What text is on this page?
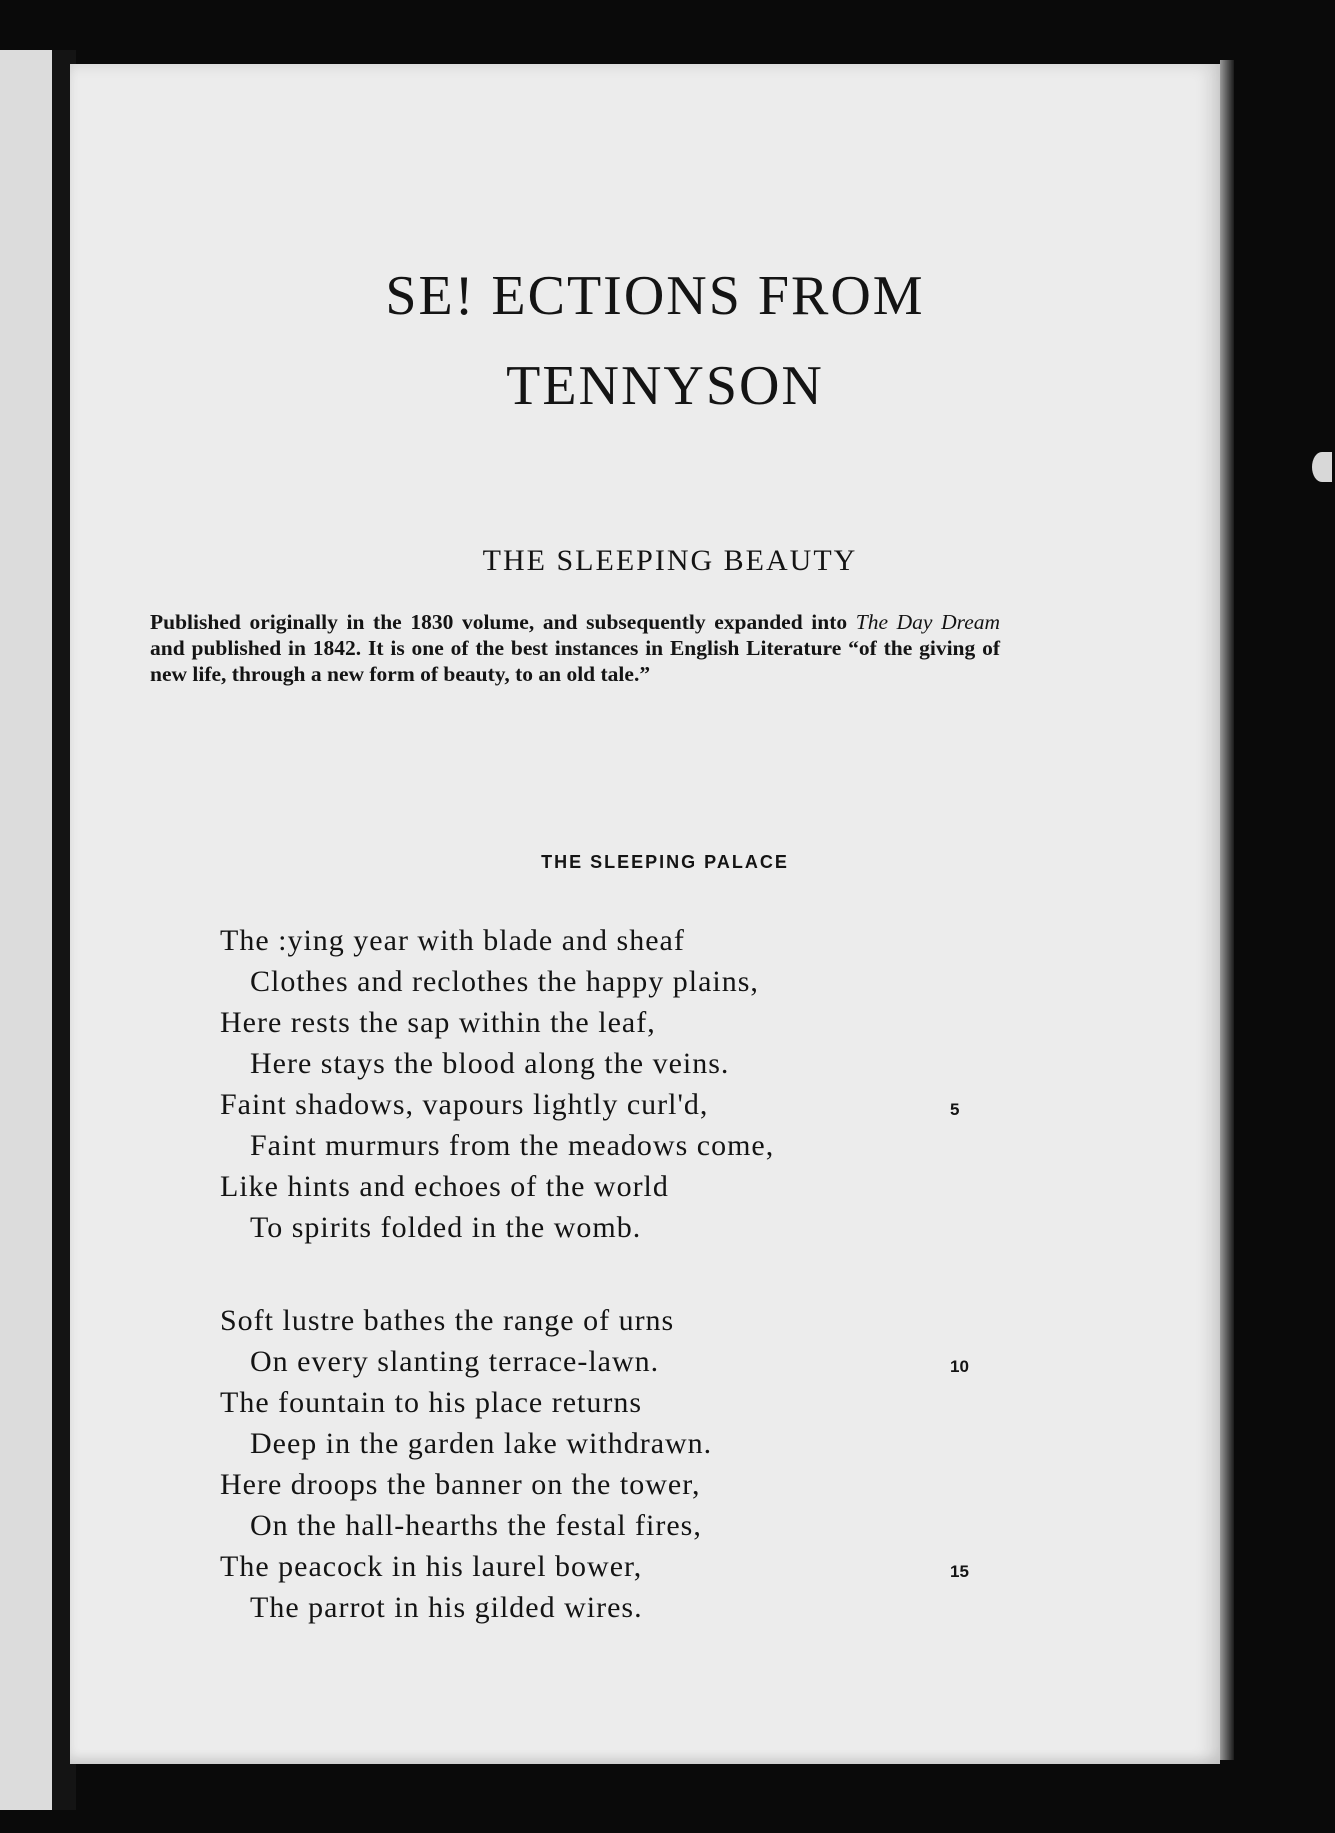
SE! ECTIONS FROM
TENNYSON
THE SLEEPING BEAUTY
Published originally in the 1830 volume, and subsequently expanded into The Day Dream and published in 1842. It is one of the best instances in English Literature “of the giving of new life, through a new form of beauty, to an old tale.”
THE SLEEPING PALACE
The :ying year with blade and sheaf
Clothes and reclothes the happy plains,
Here rests the sap within the leaf,
Here stays the blood along the veins.
Faint shadows, vapours lightly curl'd,	5
Faint murmurs from the meadows come,
Like hints and echoes of the world
To spirits folded in the womb.
Soft lustre bathes the range of urns
On every slanting terrace-lawn.	10
The fountain to his place returns
Deep in the garden lake withdrawn.
Here droops the banner on the tower,
On the hall-hearths the festal fires,
The peacock in his laurel bower,	15
The parrot in his gilded wires.
